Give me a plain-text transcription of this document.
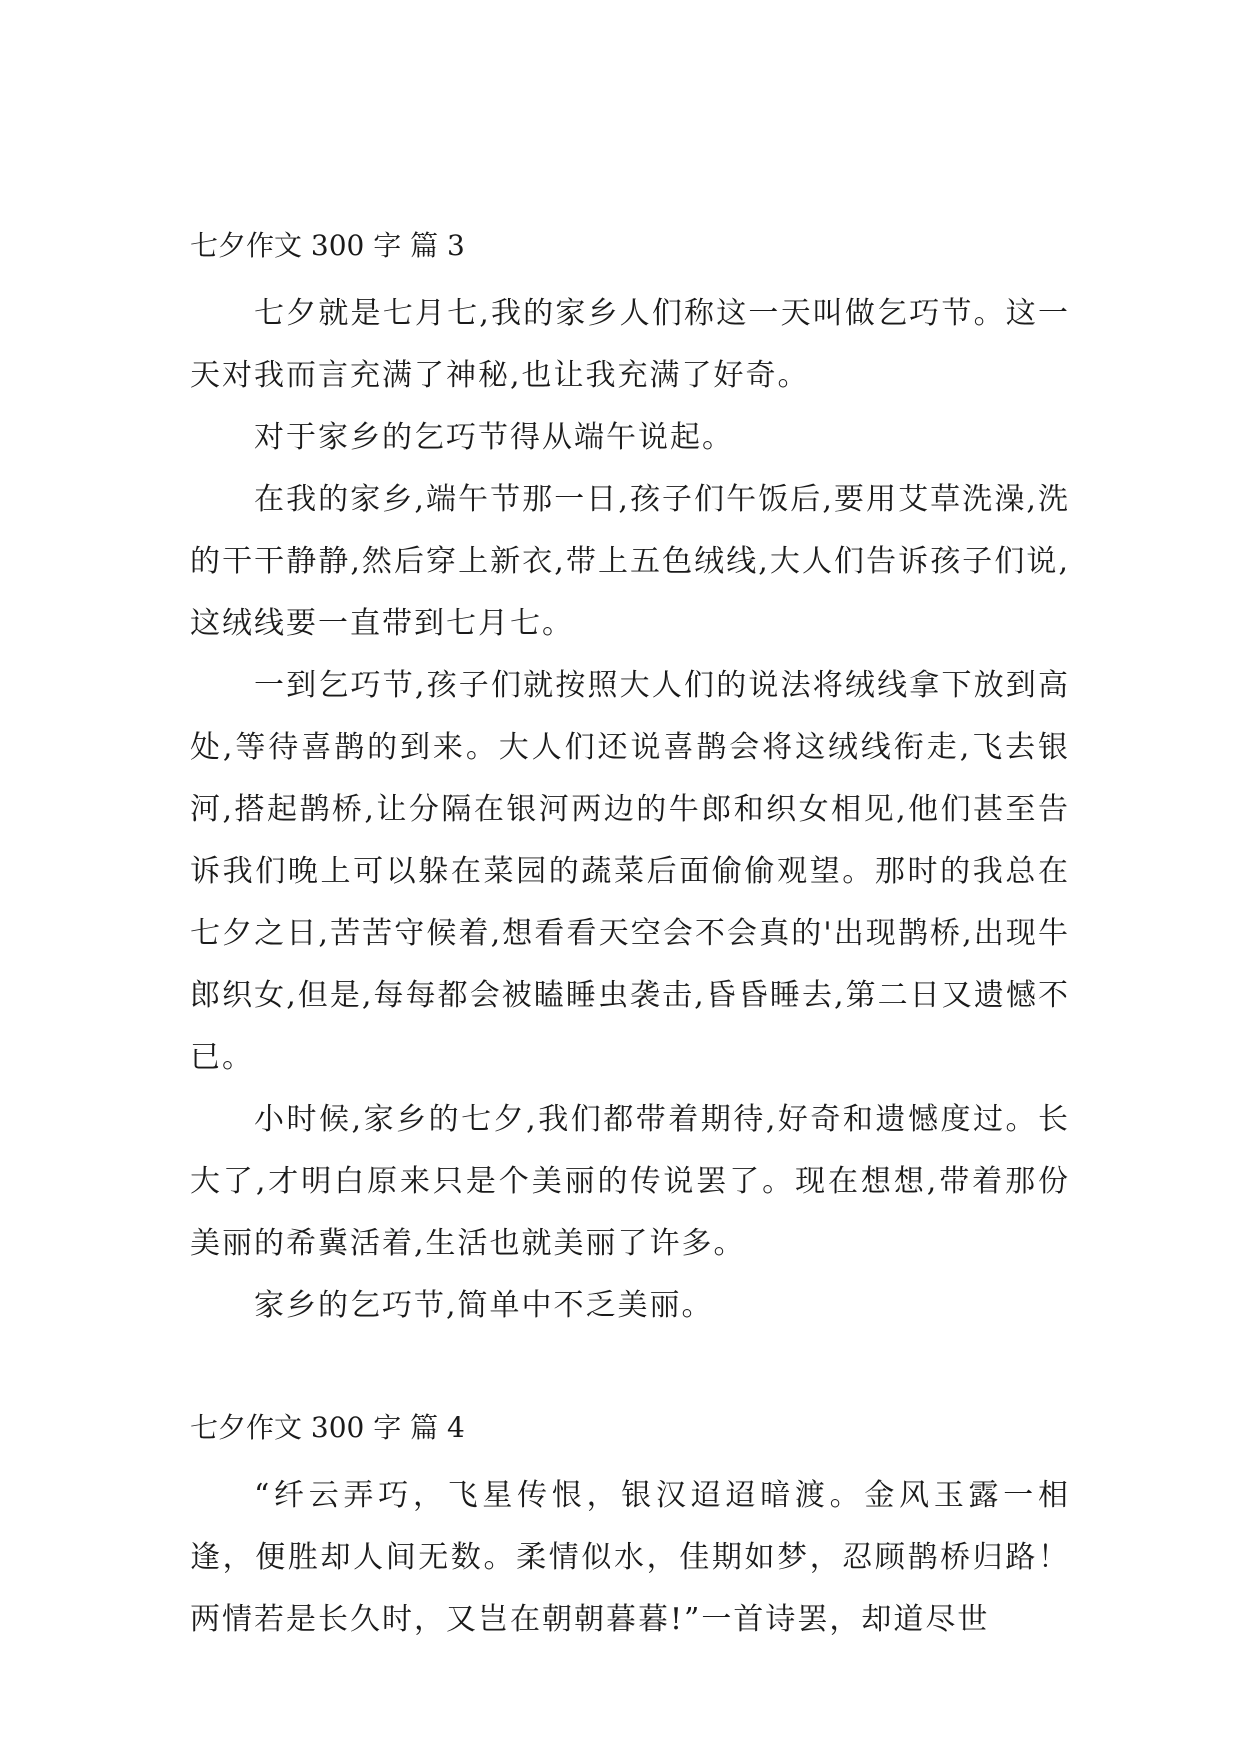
七夕作文 300 字 篇 3

七夕就是七月七,我的家乡人们称这一天叫做乞巧节。这一天对我而言充满了神秘,也让我充满了好奇。

对于家乡的乞巧节得从端午说起。

在我的家乡,端午节那一日,孩子们午饭后,要用艾草洗澡,洗的干干静静,然后穿上新衣,带上五色绒线,大人们告诉孩子们说,这绒线要一直带到七月七。

一到乞巧节,孩子们就按照大人们的说法将绒线拿下放到高处,等待喜鹊的到来。大人们还说喜鹊会将这绒线衔走,飞去银河,搭起鹊桥,让分隔在银河两边的牛郎和织女相见,他们甚至告诉我们晚上可以躲在菜园的蔬菜后面偷偷观望。那时的我总在七夕之日,苦苦守候着,想看看天空会不会真的'出现鹊桥,出现牛郎织女,但是,每每都会被瞌睡虫袭击,昏昏睡去,第二日又遗憾不已。

小时候,家乡的七夕,我们都带着期待,好奇和遗憾度过。长大了,才明白原来只是个美丽的传说罢了。现在想想,带着那份美丽的希冀活着,生活也就美丽了许多。

家乡的乞巧节,简单中不乏美丽。

七夕作文 300 字 篇 4

“纤云弄巧，飞星传恨，银汉迢迢暗渡。金风玉露一相逢，便胜却人间无数。柔情似水，佳期如梦，忍顾鹊桥归路！两情若是长久时，又岂在朝朝暮暮!”一首诗罢，却道尽世
